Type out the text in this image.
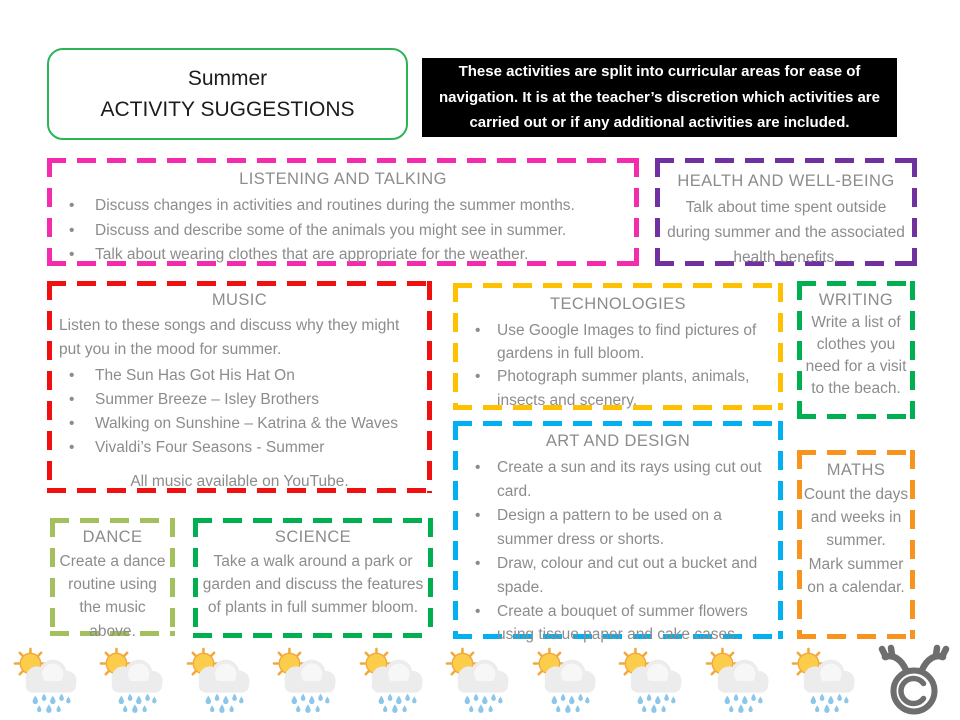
Summer
ACTIVITY SUGGESTIONS
These activities are split into curricular areas for ease of navigation. It is at the teacher’s discretion which activities are carried out or if any additional activities are included.
LISTENING AND TALKING
• Discuss changes in activities and routines during the summer months.
• Discuss and describe some of the animals you might see in summer.
• Talk about wearing clothes that are appropriate for the weather.
HEALTH AND WELL-BEING

Talk about time spent outside during summer and the associated health benefits.

MUSIC

Listen to these songs and discuss why they might put you in the mood for summer.

• The Sun Has Got His Hat On
• Summer Breeze – Isley Brothers
• Walking on Sunshine – Katrina & the Waves
• Vivaldi’s Four Seasons - Summer

All music available on YouTube.

TECHNOLOGIES
• Use Google Images to find pictures of gardens in full bloom.
• Photograph summer plants, animals, insects and scenery.
WRITING

Write a list of clothes you need for a visit to the beach.

ART AND DESIGN
• Create a sun and its rays using cut out card.
• Design a pattern to be used on a summer dress or shorts.
• Draw, colour and cut out a bucket and spade.
• Create a bouquet of summer flowers using tissue paper and cake cases.
MATHS

Count the days and weeks in summer.

Mark summer on a calendar.

DANCE

Create a dance routine using the music above.

SCIENCE

Take a walk around a park or garden and discuss the features of plants in full summer bloom.
